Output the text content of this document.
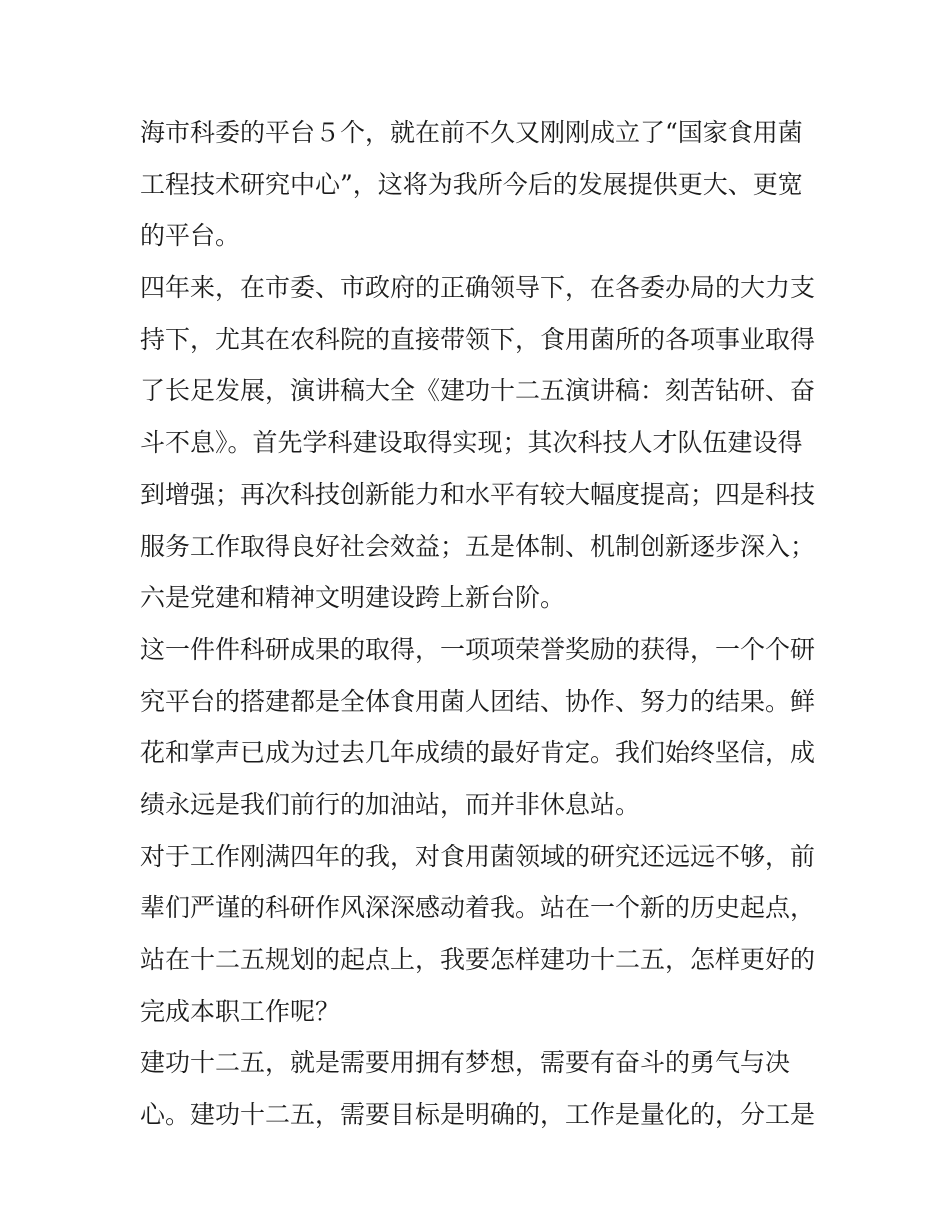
海市科委的平台５个，就在前不久又刚刚成立了“国家食用菌
工程技术研究中心”，这将为我所今后的发展提供更大、更宽
的平台。
四年来，在市委、市政府的正确领导下，在各委办局的大力支
持下，尤其在农科院的直接带领下，食用菌所的各项事业取得
了长足发展，演讲稿大全《建功十二五演讲稿：刻苦钻研、奋
斗不息》。首先学科建设取得实现；其次科技人才队伍建设得
到增强；再次科技创新能力和水平有较大幅度提高；四是科技
服务工作取得良好社会效益；五是体制、机制创新逐步深入；
六是党建和精神文明建设跨上新台阶。
这一件件科研成果的取得，一项项荣誉奖励的获得，一个个研
究平台的搭建都是全体食用菌人团结、协作、努力的结果。鲜
花和掌声已成为过去几年成绩的最好肯定。我们始终坚信，成
绩永远是我们前行的加油站，而并非休息站。
对于工作刚满四年的我，对食用菌领域的研究还远远不够，前
辈们严谨的科研作风深深感动着我。站在一个新的历史起点，
站在十二五规划的起点上，我要怎样建功十二五，怎样更好的
完成本职工作呢？
建功十二五，就是需要用拥有梦想，需要有奋斗的勇气与决
心。建功十二五，需要目标是明确的，工作是量化的，分工是
